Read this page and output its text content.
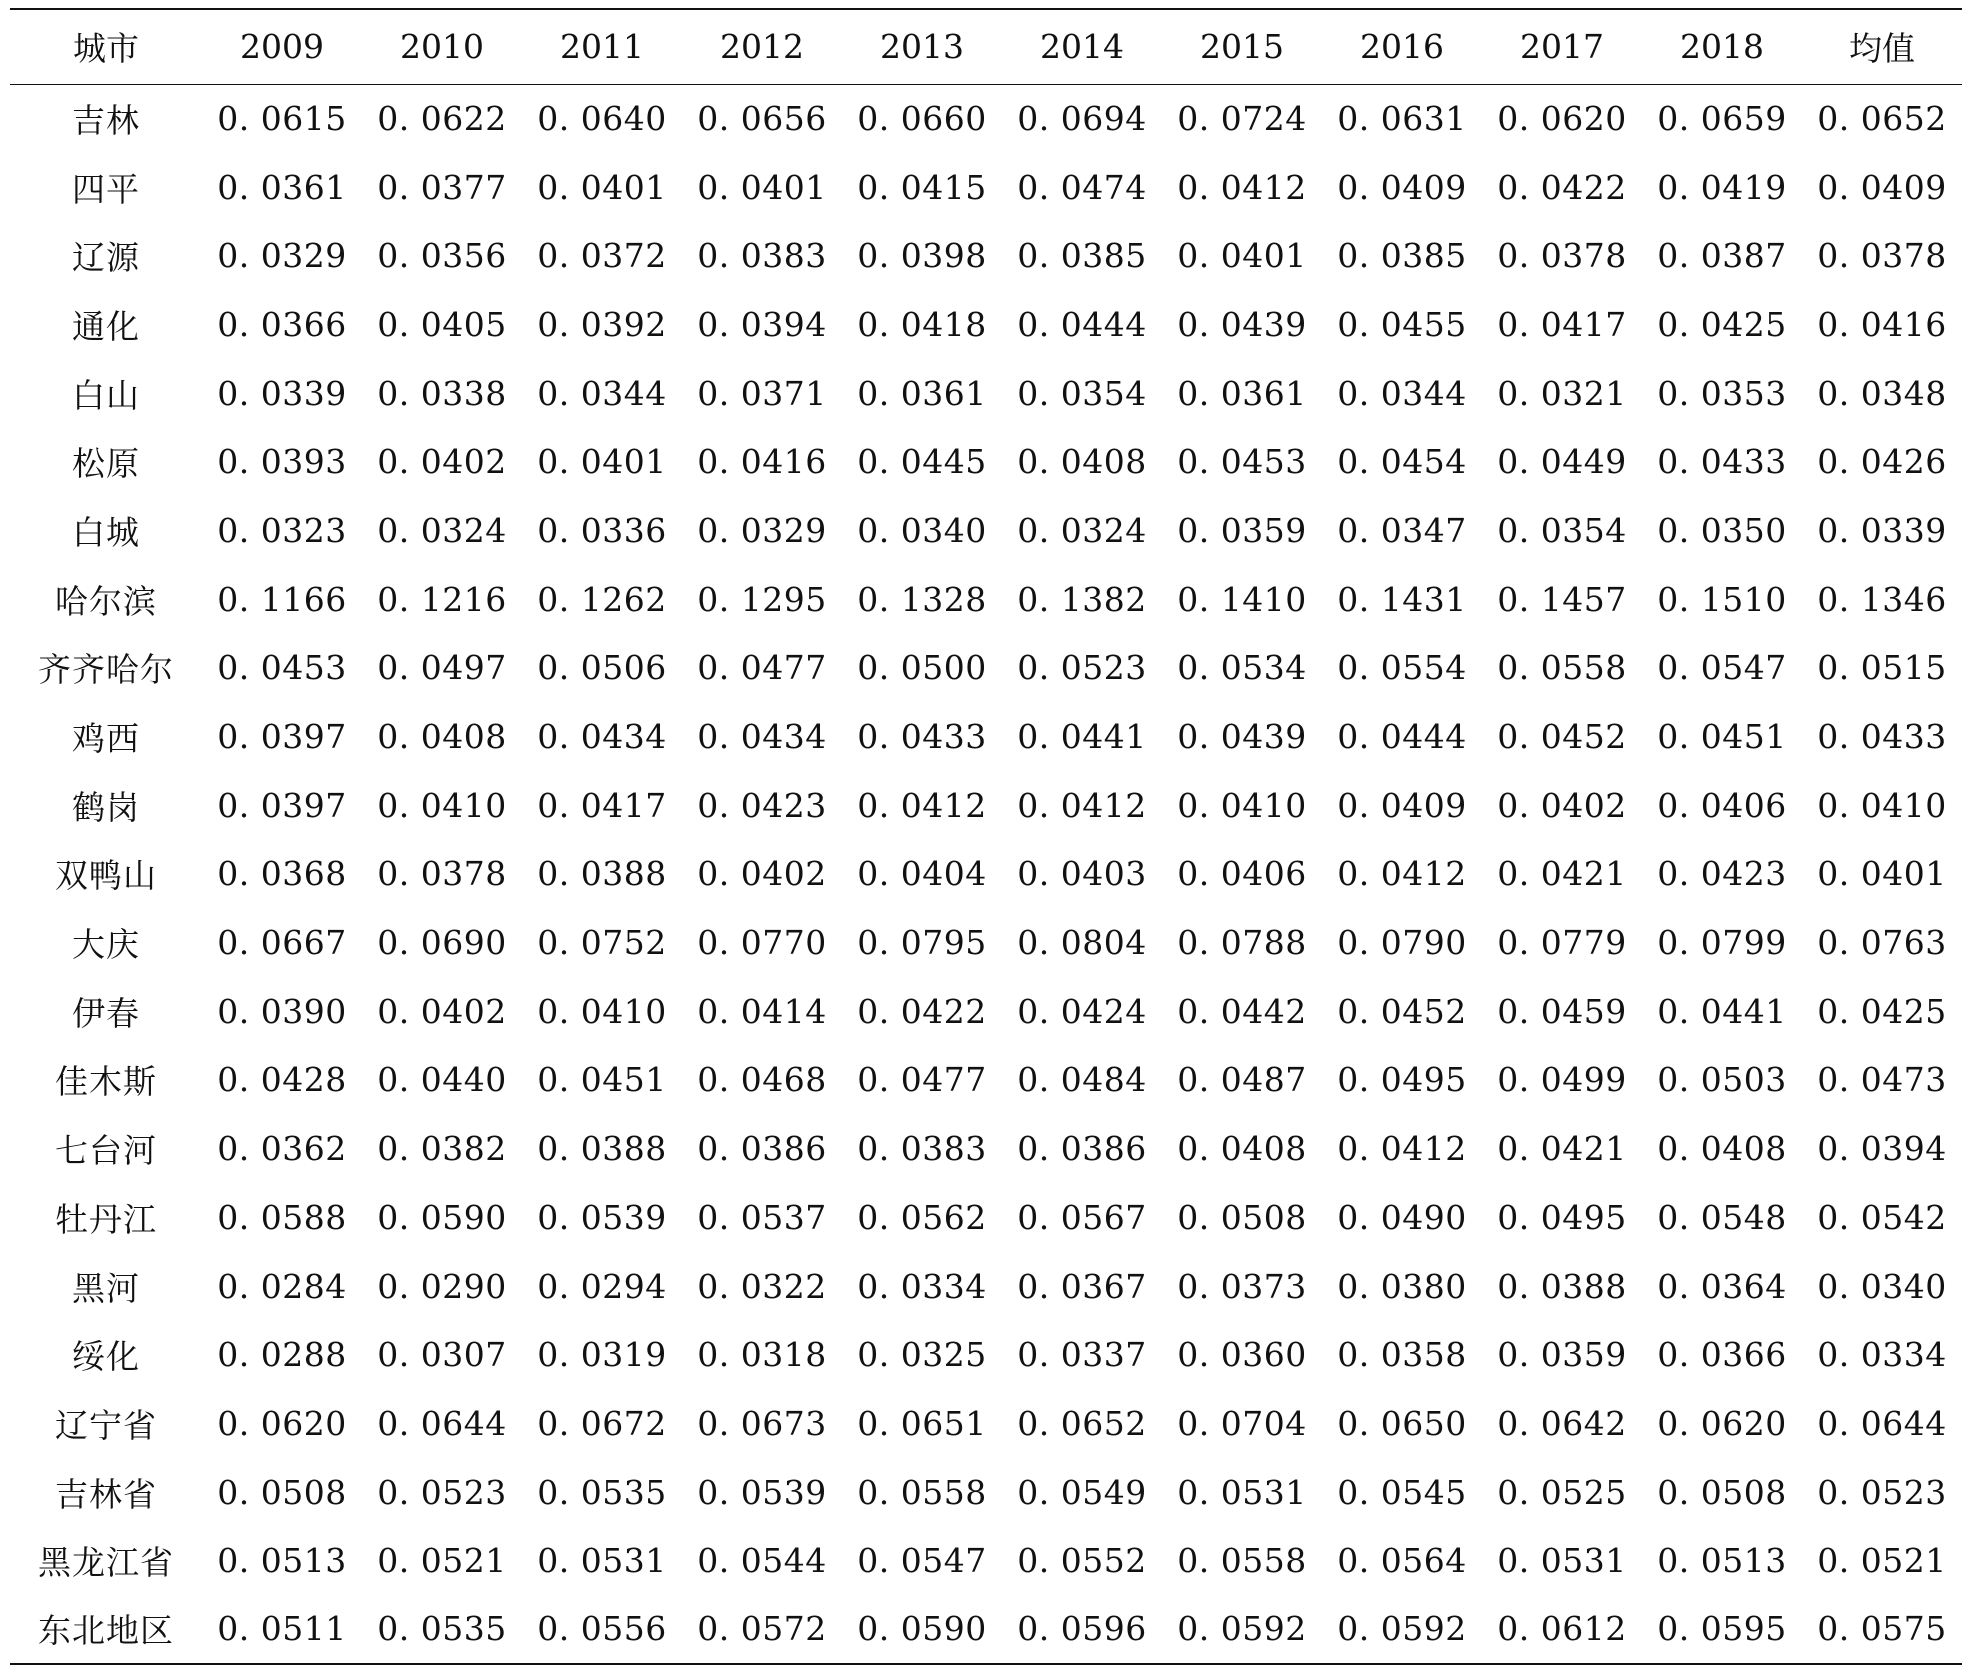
城市	2009	2010	2011	2012	2013	2014	2015	2016	2017	2018	均值
吉林	0. 0615	0. 0622	0. 0640	0. 0656	0. 0660	0. 0694	0. 0724	0. 0631	0. 0620	0. 0659	0. 0652
四平	0. 0361	0. 0377	0. 0401	0. 0401	0. 0415	0. 0474	0. 0412	0. 0409	0. 0422	0. 0419	0. 0409
辽源	0. 0329	0. 0356	0. 0372	0. 0383	0. 0398	0. 0385	0. 0401	0. 0385	0. 0378	0. 0387	0. 0378
通化	0. 0366	0. 0405	0. 0392	0. 0394	0. 0418	0. 0444	0. 0439	0. 0455	0. 0417	0. 0425	0. 0416
白山	0. 0339	0. 0338	0. 0344	0. 0371	0. 0361	0. 0354	0. 0361	0. 0344	0. 0321	0. 0353	0. 0348
松原	0. 0393	0. 0402	0. 0401	0. 0416	0. 0445	0. 0408	0. 0453	0. 0454	0. 0449	0. 0433	0. 0426
白城	0. 0323	0. 0324	0. 0336	0. 0329	0. 0340	0. 0324	0. 0359	0. 0347	0. 0354	0. 0350	0. 0339
哈尔滨	0. 1166	0. 1216	0. 1262	0. 1295	0. 1328	0. 1382	0. 1410	0. 1431	0. 1457	0. 1510	0. 1346
齐齐哈尔	0. 0453	0. 0497	0. 0506	0. 0477	0. 0500	0. 0523	0. 0534	0. 0554	0. 0558	0. 0547	0. 0515
鸡西	0. 0397	0. 0408	0. 0434	0. 0434	0. 0433	0. 0441	0. 0439	0. 0444	0. 0452	0. 0451	0. 0433
鹤岗	0. 0397	0. 0410	0. 0417	0. 0423	0. 0412	0. 0412	0. 0410	0. 0409	0. 0402	0. 0406	0. 0410
双鸭山	0. 0368	0. 0378	0. 0388	0. 0402	0. 0404	0. 0403	0. 0406	0. 0412	0. 0421	0. 0423	0. 0401
大庆	0. 0667	0. 0690	0. 0752	0. 0770	0. 0795	0. 0804	0. 0788	0. 0790	0. 0779	0. 0799	0. 0763
伊春	0. 0390	0. 0402	0. 0410	0. 0414	0. 0422	0. 0424	0. 0442	0. 0452	0. 0459	0. 0441	0. 0425
佳木斯	0. 0428	0. 0440	0. 0451	0. 0468	0. 0477	0. 0484	0. 0487	0. 0495	0. 0499	0. 0503	0. 0473
七台河	0. 0362	0. 0382	0. 0388	0. 0386	0. 0383	0. 0386	0. 0408	0. 0412	0. 0421	0. 0408	0. 0394
牡丹江	0. 0588	0. 0590	0. 0539	0. 0537	0. 0562	0. 0567	0. 0508	0. 0490	0. 0495	0. 0548	0. 0542
黑河	0. 0284	0. 0290	0. 0294	0. 0322	0. 0334	0. 0367	0. 0373	0. 0380	0. 0388	0. 0364	0. 0340
绥化	0. 0288	0. 0307	0. 0319	0. 0318	0. 0325	0. 0337	0. 0360	0. 0358	0. 0359	0. 0366	0. 0334
辽宁省	0. 0620	0. 0644	0. 0672	0. 0673	0. 0651	0. 0652	0. 0704	0. 0650	0. 0642	0. 0620	0. 0644
吉林省	0. 0508	0. 0523	0. 0535	0. 0539	0. 0558	0. 0549	0. 0531	0. 0545	0. 0525	0. 0508	0. 0523
黑龙江省	0. 0513	0. 0521	0. 0531	0. 0544	0. 0547	0. 0552	0. 0558	0. 0564	0. 0531	0. 0513	0. 0521
东北地区	0. 0511	0. 0535	0. 0556	0. 0572	0. 0590	0. 0596	0. 0592	0. 0592	0. 0612	0. 0595	0. 0575
